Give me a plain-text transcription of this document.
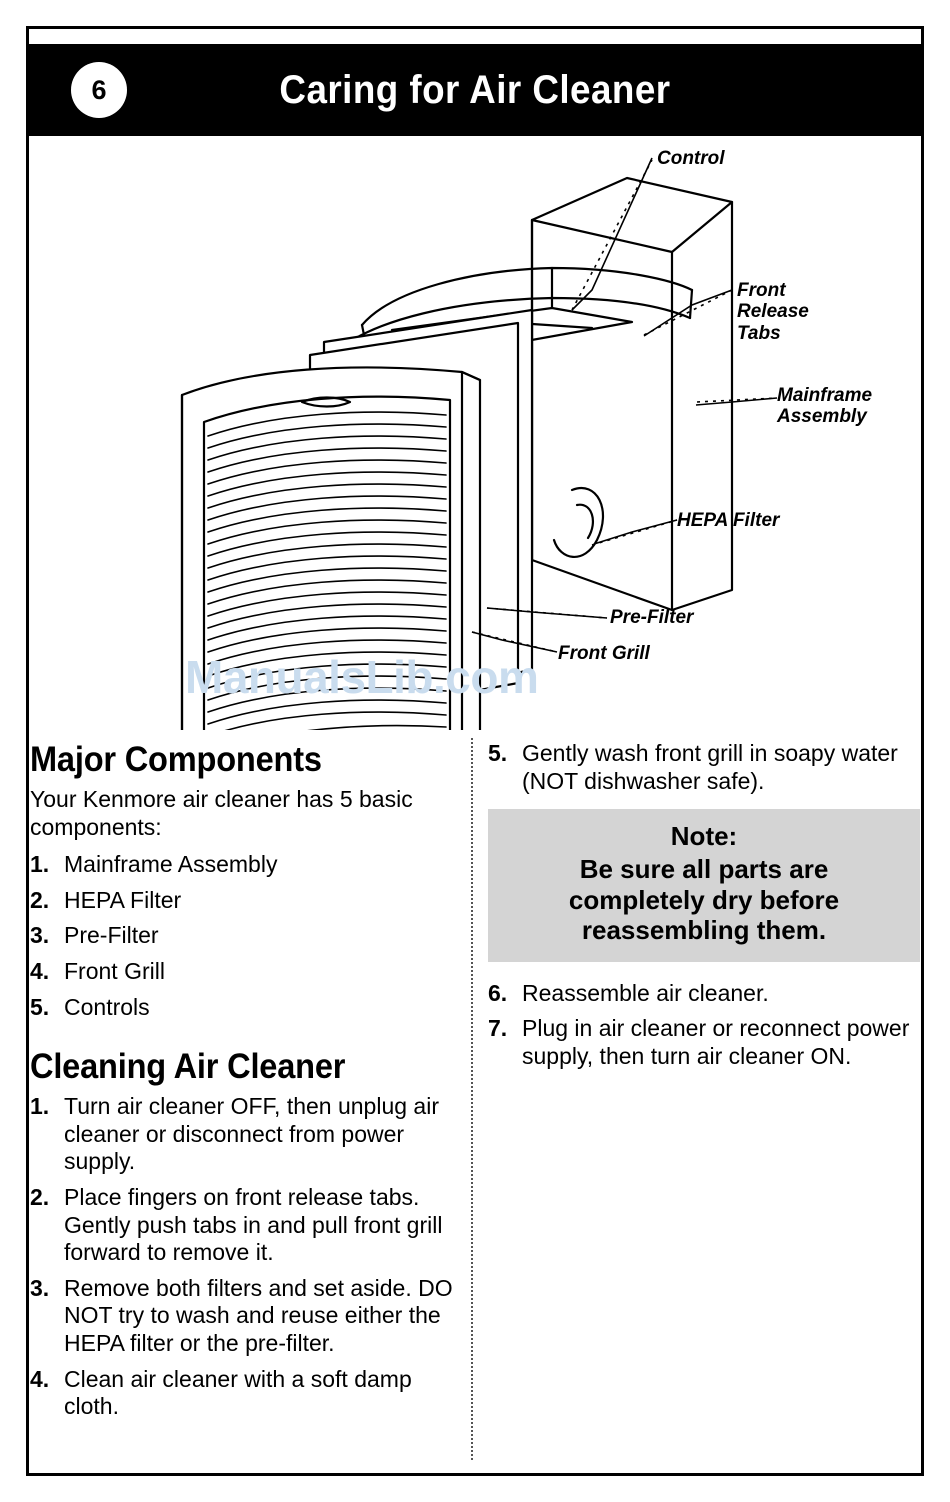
6	Caring for Air Cleaner
Control
Front
Release
Tabs
Mainframe
Assembly
HEPA Filter
Pre-Filter
Front Grill
ManualsLib.com
Major Components

Your Kenmore air cleaner has 5 basic components:

1. Mainframe Assembly
2. HEPA Filter
3. Pre-Filter
4. Front Grill
5. Controls
Cleaning Air Cleaner
1. Turn air cleaner OFF, then unplug air cleaner or disconnect from power supply.
2. Place fingers on front release tabs. Gently push tabs in and pull front grill forward to remove it.
3. Remove both filters and set aside. DO NOT try to wash and reuse either the HEPA filter or the pre-filter.
4. Clean air cleaner with a soft damp cloth.
5. Gently wash front grill in soapy water (NOT dishwasher safe).
Note:
Be sure all parts are
completely dry before
reassembling them.
6. Reassemble air cleaner.
7. Plug in air cleaner or reconnect power supply, then turn air cleaner ON.
